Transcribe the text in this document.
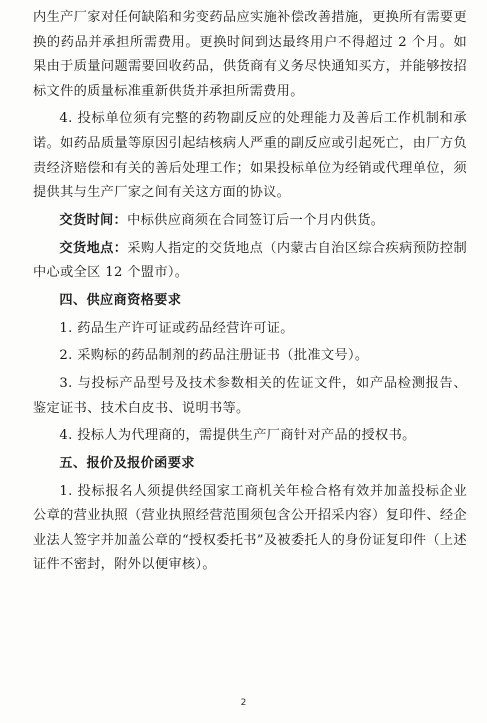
内生产厂家对任何缺陷和劣变药品应实施补偿改善措施，更换所有需要更换的药品并承担所需费用。更换时间到达最终用户不得超过 2 个月。如果由于质量问题需要回收药品，供货商有义务尽快通知买方，并能够按招标文件的质量标准重新供货并承担所需费用。

4. 投标单位须有完整的药物副反应的处理能力及善后工作机制和承诺。如药品质量等原因引起结核病人严重的副反应或引起死亡，由厂方负责经济赔偿和有关的善后处理工作；如果投标单位为经销或代理单位，须提供其与生产厂家之间有关这方面的协议。

交货时间：中标供应商须在合同签订后一个月内供货。

交货地点：采购人指定的交货地点（内蒙古自治区综合疾病预防控制中心或全区 12 个盟市）。

四、供应商资格要求

1. 药品生产许可证或药品经营许可证。

2. 采购标的药品制剂的药品注册证书（批准文号）。

3. 与投标产品型号及技术参数相关的佐证文件，如产品检测报告、鉴定证书、技术白皮书、说明书等。

4. 投标人为代理商的，需提供生产厂商针对产品的授权书。

五、报价及报价函要求

1. 投标报名人须提供经国家工商机关年检合格有效并加盖投标企业公章的营业执照（营业执照经营范围须包含公开招采内容）复印件、经企业法人签字并加盖公章的“授权委托书”及被委托人的身份证复印件（上述证件不密封，附外以便审核）。

2
